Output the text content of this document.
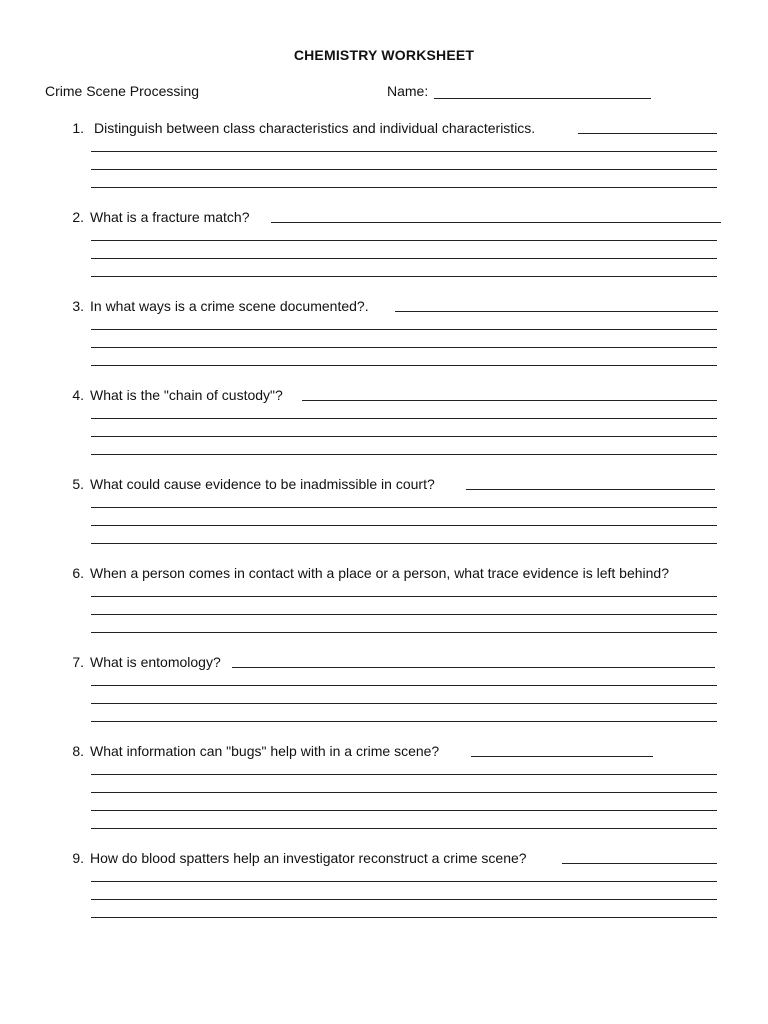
CHEMISTRY WORKSHEET
Crime Scene Processing	Name:
1. Distinguish between class characteristics and individual characteristics.
2. What is a fracture match?
3. In what ways is a crime scene documented?.
4. What is the "chain of custody"?
5. What could cause evidence to be inadmissible in court?
6. When a person comes in contact with a place or a person, what trace evidence is left behind?
7. What is entomology?
8. What information can "bugs" help with in a crime scene?
9. How do blood spatters help an investigator reconstruct a crime scene?
